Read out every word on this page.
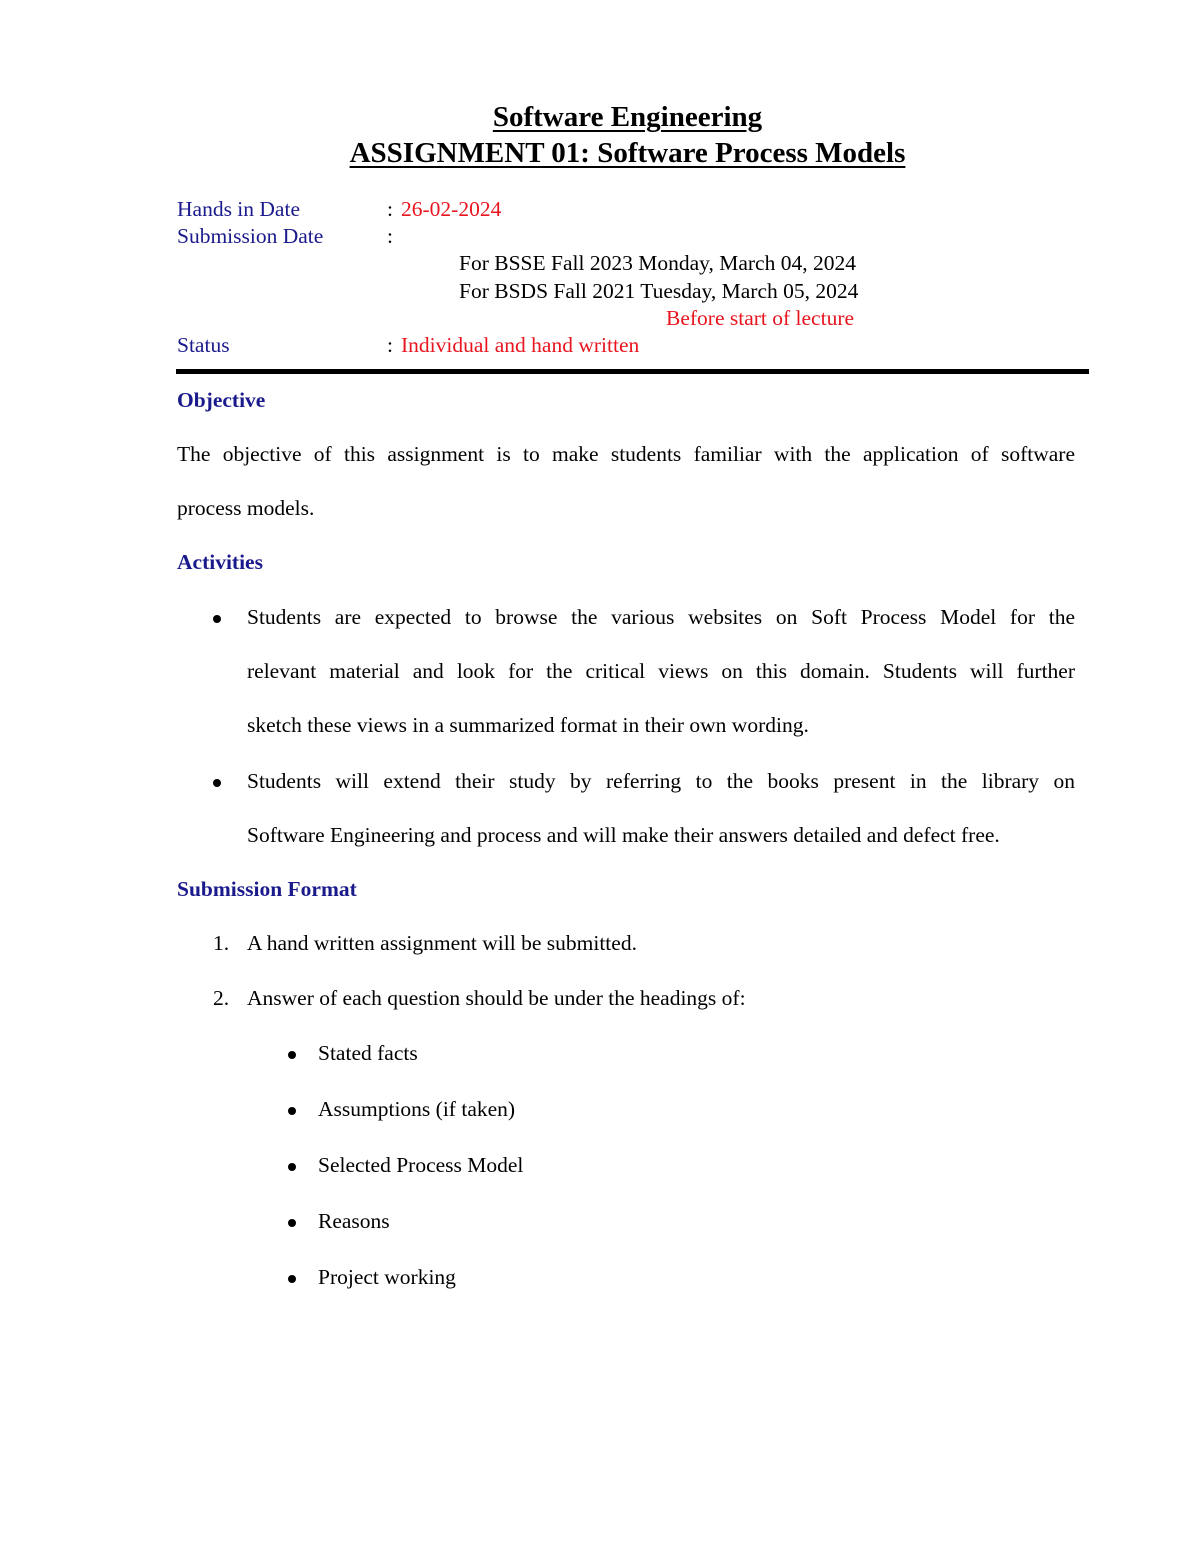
Software Engineering
ASSIGNMENT 01: Software Process Models
Hands in Date	: 26-02-2024
Submission Date	:
For BSSE Fall 2023 Monday, March 04, 2024
For BSDS Fall 2021 Tuesday, March 05, 2024
Before start of lecture
Status	: Individual and hand written
Objective
The objective of this assignment is to make students familiar with the application of software
process models.
Activities
Students are expected to browse the various websites on Soft Process Model for the
relevant material and look for the critical views on this domain. Students will further
sketch these views in a summarized format in their own wording.
Students will extend their study by referring to the books present in the library on
Software Engineering and process and will make their answers detailed and defect free.
Submission Format
1. A hand written assignment will be submitted.
2. Answer of each question should be under the headings of:
Stated facts
Assumptions (if taken)
Selected Process Model
Reasons
Project working
